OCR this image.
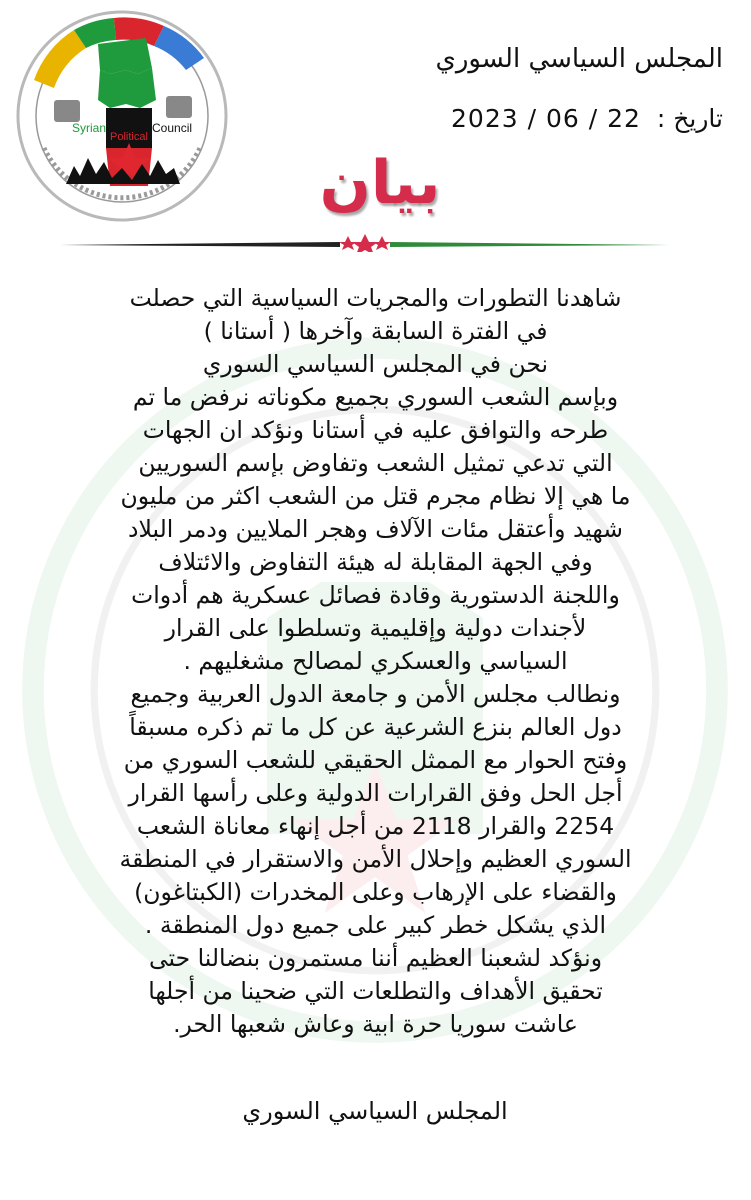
Syrian
Political
Council
المجلس السياسي السوري
تاريخ : 2023 / 06 / 22
بيان
شاهدنا التطورات والمجريات السياسية التي حصلت
في الفترة السابقة وآخرها ( أستانا )
نحن في المجلس السياسي السوري
وبإسم الشعب السوري بجميع مكوناته نرفض ما تم
طرحه والتوافق عليه في أستانا ونؤكد ان الجهات
التي تدعي تمثيل الشعب وتفاوض بإسم السوريين
ما هي إلا نظام مجرم قتل من الشعب اكثر من مليون
شهيد وأعتقل مئات الآلاف وهجر الملايين ودمر البلاد
وفي الجهة المقابلة له هيئة التفاوض والائتلاف
واللجنة الدستورية وقادة فصائل عسكرية هم أدوات
لأجندات دولية وإقليمية وتسلطوا على القرار
السياسي والعسكري لمصالح مشغليهم .
ونطالب مجلس الأمن و جامعة الدول العربية وجميع
دول العالم بنزع الشرعية عن كل ما تم ذكره مسبقاً
وفتح الحوار مع الممثل الحقيقي للشعب السوري من
أجل الحل وفق القرارات الدولية وعلى رأسها القرار
2254 والقرار 2118 من أجل إنهاء معاناة الشعب
السوري العظيم وإحلال الأمن والاستقرار في المنطقة
والقضاء على الإرهاب وعلى المخدرات (الكبتاغون)
الذي يشكل خطر كبير على جميع دول المنطقة .
ونؤكد لشعبنا العظيم أننا مستمرون بنضالنا حتى
تحقيق الأهداف والتطلعات التي ضحينا من أجلها
عاشت سوريا حرة ابية وعاش شعبها الحر.
المجلس السياسي السوري
